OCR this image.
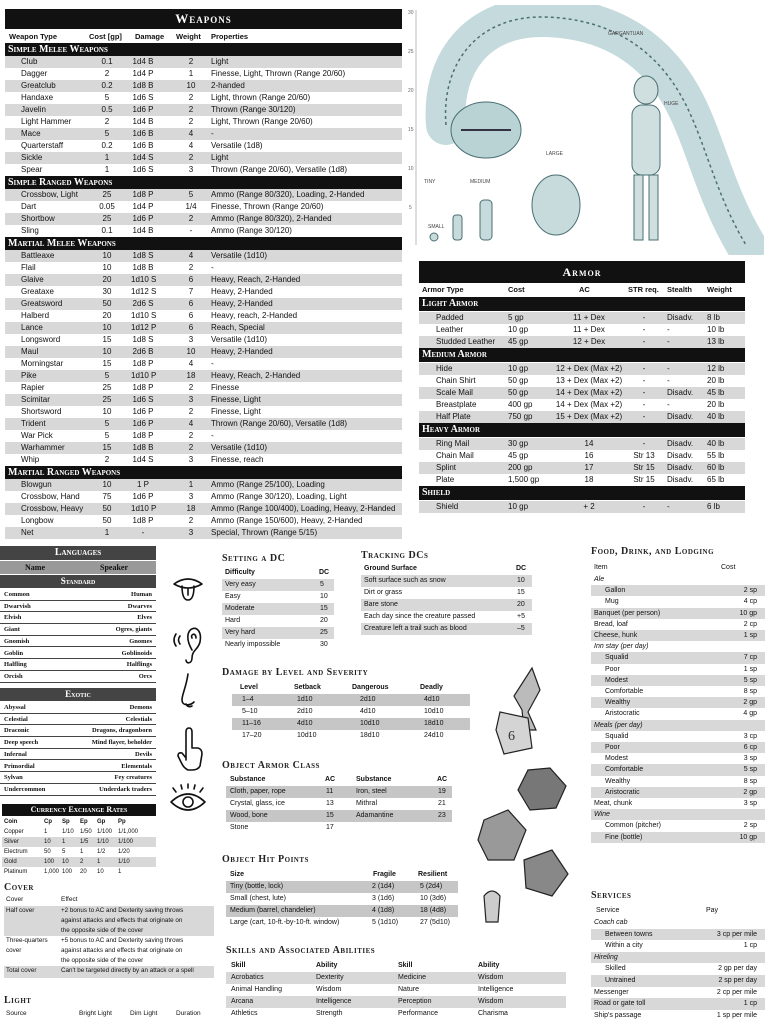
Weapons
Weapon Type	Cost [gp] Damage Weight Properties
Simple Melee Weapons
Club	0.1	1d4 B	2	Light
Dagger	2	1d4 P	1	Finesse, Light, Thrown (Range 20/60)
Greatclub	0.2	1d8 B	10	2-handed
Handaxe	5	1d6 S	2	Light, thrown (Range 20/60)
Javelin	0.5	1d6 P	2	Thrown (Range 30/120)
Light Hammer	2	1d4 B	2	Light, Thrown (Range 20/60)
Mace	5	1d6 B	4	-
Quarterstaff	0.2	1d6 B	4	Versatile (1d8)
Sickle	1	1d4 S	2	Light
Spear	1	1d6 S	3	Thrown (Range 20/60), Versatile (1d8)
Simple Ranged Weapons
Crossbow, Light	25	1d8 P	5	Ammo (Range 80/320), Loading, 2-Handed
Dart	0.05	1d4 P	1/4	Finesse, Thrown (Range 20/60)
Shortbow	25	1d6 P	2	Ammo (Range 80/320), 2-Handed
Sling	0.1	1d4 B	-	Ammo (Range 30/120)
Martial Melee Weapons
Battleaxe	10	1d8 S	4	Versatile (1d10)
Flail	10	1d8 B	2	-
Glaive	20	1d10 S	6	Heavy, Reach, 2-Handed
Greataxe	30	1d12 S	7	Heavy, 2-Handed
Greatsword	50	2d6 S	6	Heavy, 2-Handed
Halberd	20	1d10 S	6	Heavy, reach, 2-Handed
Lance	10	1d12 P	6	Reach, Special
Longsword	15	1d8 S	3	Versatile (1d10)
Maul	10	2d6 B	10	Heavy, 2-Handed
Morningstar	15	1d8 P	4	-
Pike	5	1d10 P	18	Heavy, Reach, 2-Handed
Rapier	25	1d8 P	2	Finesse
Scimitar	25	1d6 S	3	Finesse, Light
Shortsword	10	1d6 P	2	Finesse, Light
Trident	5	1d6 P	4	Thrown (Range 20/60), Versatile (1d8)
War Pick	5	1d8 P	2	-
Warhammer	15	1d8 B	2	Versatile (1d10)
Whip	2	1d4 S	3	Finesse, reach
Martial Ranged Weapons
Blowgun	10	1 P	1	Ammo (Range 25/100), Loading
Crossbow, Hand	75	1d6 P	3	Ammo (Range 30/120), Loading, Light
Crossbow, Heavy	50	1d10 P	18	Ammo (Range 100/400), Loading, Heavy, 2-Handed
Longbow	50	1d8 P	2	Ammo (Range 150/600), Heavy, 2-Handed
Net	1	-	3	Special, Thrown (Range 5/15)
30
25
20
15
10
5
GARGANTUAN
HUGE
LARGE
TINY	MEDIUM
SMALL
Armor
Armor Type	Cost	AC	STR req. Stealth Weight
Light Armor
Padded	5 gp	11 + Dex	-	Disadv. 8 lb
Leather	10 gp	11 + Dex	-	-	10 lb
Studded Leather 45 gp	12 + Dex	-	-	13 lb
Medium Armor
Hide	10 gp	12 + Dex (Max +2)	-	-	12 lb
Chain Shirt	50 gp	13 + Dex (Max +2)	-	-	20 lb
Scale Mail	50 gp	14 + Dex (Max +2)	-	Disadv. 45 lb
Breastplate	400 gp	14 + Dex (Max +2)	-	-	20 lb
Half Plate	750 gp	15 + Dex (Max +2)	-	Disadv. 40 lb
Heavy Armor
Ring Mail	30 gp	14	-	Disadv. 40 lb
Chain Mail	45 gp	16	Str 13 Disadv. 55 lb
Splint	200 gp	17	Str 15 Disadv. 60 lb
Plate	1,500 gp	18	Str 15 Disadv. 65 lb
Shield
Shield	10 gp	+ 2	-	-	6 lb
Languages
Name	Speaker
Standard
Common	Human
Dwarvish	Dwarves
Elvish	Elves
Giant	Ogres, giants
Gnomish	Gnomes
Goblin	Goblinoids
Halfling	Halflings
Orcish	Orcs
Exotic
Abyssal	Demons
Celestial	Celestials
Draconic	Dragons, dragonborn
Deep speech	Mind flayer, beholder
Infernal	Devils
Primordial	Elementals
Sylvan	Fey creatures
Undercommon	Underdark traders
Currency Exchange Rates
Coin	Cp Sp Ep Gp Pp
Copper	1 1/10 1/50 1/100 1/1,000
Silver	10 1 1/5 1/10 1/100
Electrum	50 5 1 1/2 1/20
Gold	100 10 2 1	1/10
Platinum	1,000 100 20 10 1
Cover
Cover	Effect
Half cover	+2 bonus to AC and Dexterity saving throws
against attacks and effects that originate on
the opposite side of the cover
Three-quarters
cover
+5 bonus to AC and Dexterity saving throws
against attacks and effects that originate on
the opposite side of the cover
Total cover	Can't be targeted directly by an attack or a spell
Light
Source	Bright Light	Dim Light	Duration
Setting a DC
Difficulty	DC
Very easy	5
Easy	10
Moderate	15
Hard	20
Very hard	25
Nearly impossible	30
Tracking DCs
Ground Surface	DC
Soft surface such as snow	10
Dirt or grass	15
Bare stone	20
Each day since the creature passed	+5
Creature left a trail such as blood	–5
Damage by Level and Severity
Level	Setback	Dangerous	Deadly
1–4	1d10	2d10	4d10
5–10	2d10	4d10	10d10
11–16	4d10	10d10	18d10
17–20	10d10	18d10	24d10
Object Armor Class
Substance	AC	Substance	AC
Cloth, paper, rope	11	Iron, steel	19
Crystal, glass, ice	13	Mithral	21
Wood, bone	15	Adamantine	23
Stone	17
Object Hit Points
Size	Fragile	Resilient
Tiny (bottle, lock)	2 (1d4)	5 (2d4)
Small (chest, lute)	3 (1d6)	10 (3d6)
Medium (barrel, chandelier)	4 (1d8)	18 (4d8)
Large (cart, 10-ft.-by-10-ft. window)	5 (1d10)	27 (5d10)
Skills and Associated Abilities
Skill	Ability	Skill	Ability
Acrobatics	Dexterity	Medicine	Wisdom
Animal Handling	Wisdom	Nature	Intelligence
Arcana	Intelligence	Perception	Wisdom
Athletics	Strength	Performance	Charisma
6
Food, Drink, and Lodging
Item	Cost
Ale
Gallon	2 sp
Mug	4 cp
Banquet (per person)	10 gp
Bread, loaf	2 cp
Cheese, hunk	1 sp
Inn stay (per day)
Squalid	7 cp
Poor	1 sp
Modest	5 sp
Comfortable	8 sp
Wealthy	2 gp
Aristocratic	4 gp
Meals (per day)
Squalid	3 cp
Poor	6 cp
Modest	3 sp
Comfortable	5 sp
Wealthy	8 sp
Aristocratic	2 gp
Meat, chunk	3 sp
Wine
Common (pitcher)	2 sp
Fine (bottle)	10 gp
Services
Service	Pay
Coach cab
Between towns	3 cp per mile
Within a city	1 cp
Hireling
Skilled	2 gp per day
Untrained	2 sp per day
Messenger	2 cp per mile
Road or gate toll	1 cp
Ship's passage	1 sp per mile
